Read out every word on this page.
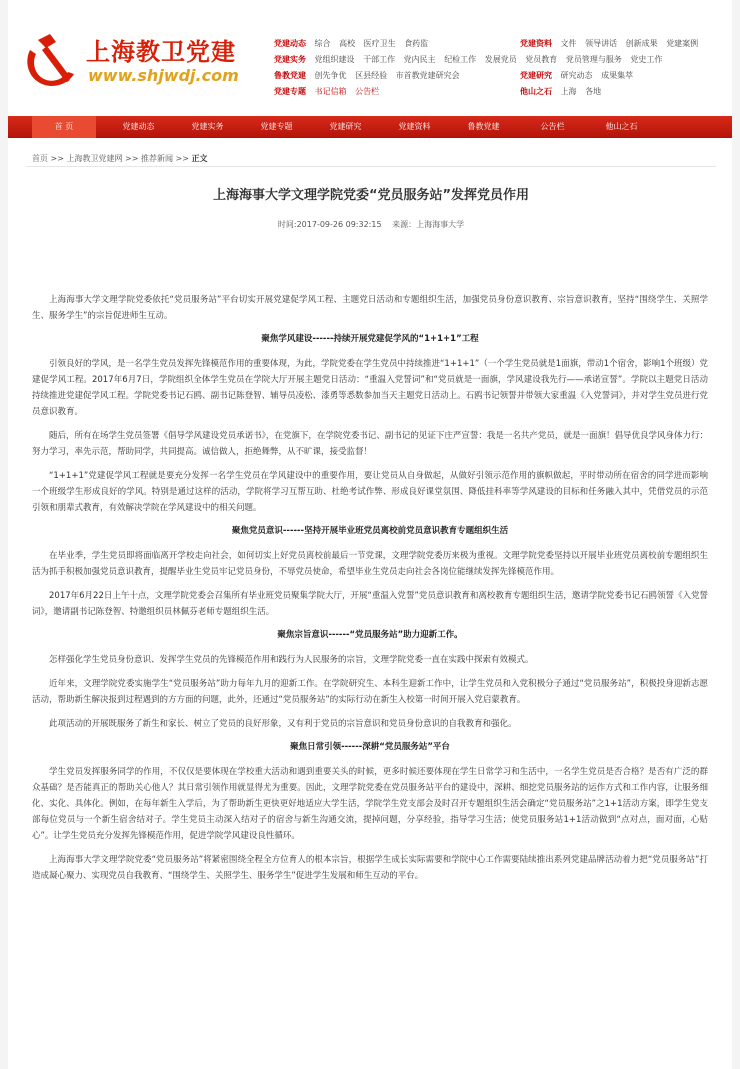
上海教卫党建
www.shjwdj.com
党建动态 综合 高校 医疗卫生 食药监	党建资料 文件 领导讲话 创新成果 党建案例
党建实务 党组织建设 干部工作 党内民主 纪检工作 发展党员 党员教育 党员管理与服务 党史工作
鲁教党建 创先争优 区县经验 市首教党建研究会	党建研究 研究动态 成果集萃
党建专题 书记信箱 公告栏	他山之石 上海 各地
首 页	党建动态	党建实务	党建专题	党建研究	党建资料	鲁教党建	公告栏	他山之石
首页 >> 上海教卫党建网 >> 推荐新闻 >> 正文
上海海事大学文理学院党委“党员服务站”发挥党员作用
时间:2017-09-26 09:32:15 来源：上海海事大学

上海海事大学文理学院党委依托“党员服务站”平台切实开展党建促学风工程、主题党日活动和专题组织生活，加强党员身份意识教育、宗旨意识教育，坚持“围绕学生、关照学生、服务学生”的宗旨促进师生互动。

聚焦学风建设------持续开展党建促学风的“1+1+1”工程

引领良好的学风，是一名学生党员发挥先锋模范作用的重要体现，为此，学院党委在学生党员中持续推进“1+1+1”（一个学生党员就是1面旗，带动1个宿舍，影响1个班级）党建促学风工程。2017年6月7日，学院组织全体学生党员在学院大厅开展主题党日活动：“重温入党誓词”和“党员就是一面旗，学风建设我先行——承诺宣誓”。学院以主题党日活动持续推进党建促学风工程。学院党委书记石鸥、副书记陈登智、辅导员凌松、漆勇等悉数参加当天主题党日活动上。石鸥书记领誓并带领大家重温《入党誓词》，并对学生党员进行党员意识教育。

随后，所有在场学生党员签署《倡导学风建设党员承诺书》，在党旗下，在学院党委书记、副书记的见证下庄严宣誓：我是一名共产党员，就是一面旗！倡导优良学风身体力行：努力学习，率先示范，帮助同学，共同提高。诚信做人，拒绝舞弊，从不旷课，接受监督！

“1+1+1”党建促学风工程就是要充分发挥一名学生党员在学风建设中的重要作用，要让党员从自身做起，从做好引领示范作用的旗帜做起，平时带动所在宿舍的同学进而影响一个班级学生形成良好的学风。特别是通过这样的活动，学院将学习互帮互助、杜绝考试作弊、形成良好课堂氛围、降低挂科率等学风建设的目标和任务融入其中，凭借党员的示范引领和朋辈式教育，有效解决学院在学风建设中的相关问题。

聚焦党员意识------坚持开展毕业班党员离校前党员意识教育专题组织生活

在毕业季，学生党员即将面临离开学校走向社会，如何切实上好党员离校前最后一节党课，文理学院党委历来极为重视。文理学院党委坚持以开展毕业班党员离校前专题组织生活为抓手积极加强党员意识教育，提醒毕业生党员牢记党员身份，不辱党员使命，希望毕业生党员走向社会各岗位能继续发挥先锋模范作用。

2017年6月22日上午十点，文理学院党委会召集所有毕业班党员聚集学院大厅，开展“重温入党誓”党员意识教育和离校教育专题组织生活，邀请学院党委书记石鸥领誓《入党誓词》，邀请副书记陈登智、特邀组织员林佩芬老师专题组织生活。

聚焦宗旨意识------“党员服务站”助力迎新工作。

怎样强化学生党员身份意识、发挥学生党员的先锋模范作用和践行为人民服务的宗旨，文理学院党委一直在实践中探索有效模式。

近年来，文理学院党委实施学生“党员服务站”助力每年九月的迎新工作。在学院研究生、本科生迎新工作中，让学生党员和入党积极分子通过“党员服务站”，积极投身迎新志愿活动，帮助新生解决报到过程遇到的方方面的问题，此外，还通过“党员服务站”的实际行动在新生入校第一时间开展入党启蒙教育。

此项活动的开展既服务了新生和家长、树立了党员的良好形象，又有利于党员的宗旨意识和党员身份意识的自我教育和强化。

聚焦日常引领------深耕“党员服务站”平台

学生党员发挥服务同学的作用，不仅仅是要体现在学校重大活动和遇到重要关头的时候，更多时候还要体现在学生日常学习和生活中，一名学生党员是否合格？是否有广泛的群众基础？是否能真正的帮助关心他人？其日常引领作用就显得尤为重要。因此，文理学院党委在党员服务站平台的建设中，深耕、细挖党员服务站的运作方式和工作内容，让服务细化、实化、具体化。例如，在每年新生入学后，为了帮助新生更快更好地适应大学生活，学院学生党支部会及时召开专题组织生活会确定“党员服务站”之1+1活动方案，即学生党支部每位党员与一个新生宿舍结对子。学生党员主动深入结对子的宿舍与新生沟通交流，提掉问题，分享经验，指导学习生活；使党员服务站1+1活动做到“点对点，面对面，心贴心”。让学生党员充分发挥先锋模范作用，促进学院学风建设良性循环。

上海海事大学文理学院党委“党员服务站”将紧密围绕全程全方位育人的根本宗旨，根据学生成长实际需要和学院中心工作需要陆续推出系列党建品牌活动着力把“党员服务站”打造成凝心聚力、实现党员自我教育、“围绕学生、关照学生、服务学生”促进学生发展和师生互动的平台。
